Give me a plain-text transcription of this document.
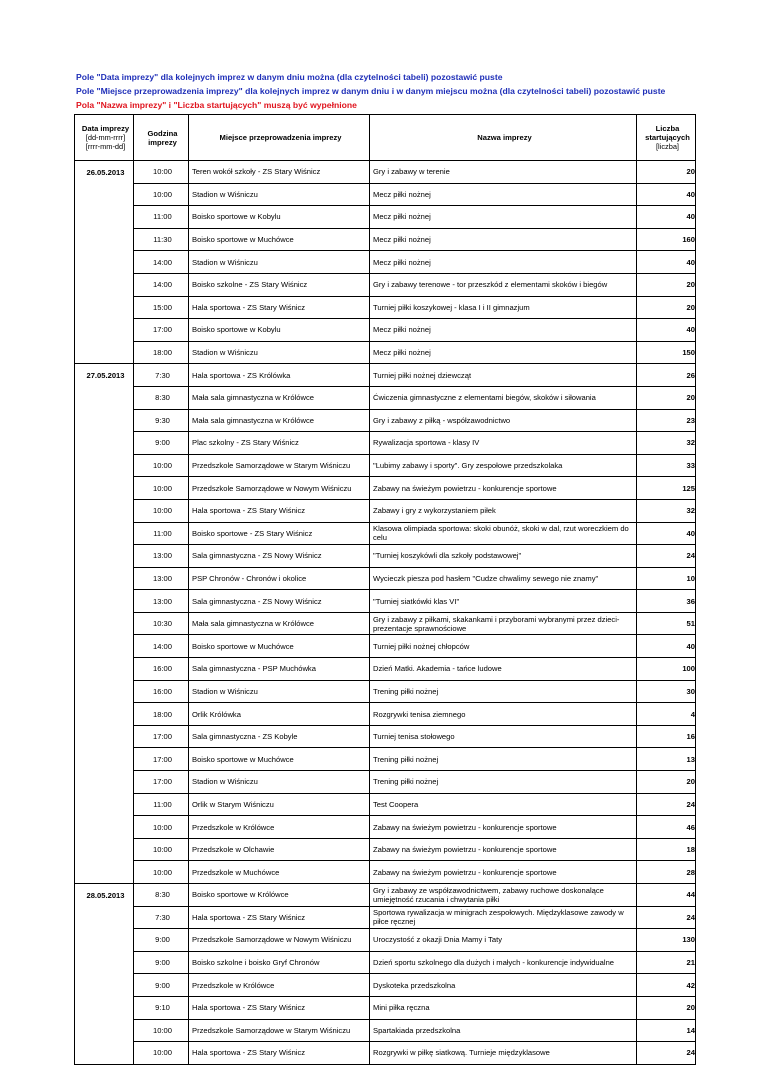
Pole "Data imprezy" dla kolejnych imprez w danym dniu można (dla czytelności tabeli) pozostawić puste
Pole "Miejsce przeprowadzenia imprezy" dla kolejnych imprez w danym dniu i w danym miejscu można (dla czytelności tabeli) pozostawić puste
Pola "Nazwa imprezy" i "Liczba startujących" muszą być wypełnione
Data imprezy
[dd-mm-rrrr] [rrrr-mm-dd]	Godzina imprezy	Miejsce przeprowadzenia imprezy	Nazwa imprezy	Liczba startujących
[liczba]

26.05.2013	10:00	Teren wokół szkoły - ZS Stary Wiśnicz	Gry i zabawy w terenie	20
	10:00	Stadion w Wiśniczu	Mecz piłki nożnej	40
	11:00	Boisko sportowe w Kobylu	Mecz piłki nożnej	40
	11:30	Boisko sportowe w Muchówce	Mecz piłki nożnej	160
	14:00	Stadion w Wiśniczu	Mecz piłki nożnej	40
	14:00	Boisko szkolne - ZS Stary Wiśnicz	Gry i zabawy terenowe - tor przeszkód z elementami skoków i biegów	20
	15:00	Hala sportowa - ZS Stary Wiśnicz	Turniej piłki koszykowej - klasa I i II gimnazjum	20
	17:00	Boisko sportowe w Kobylu	Mecz piłki nożnej	40
	18:00	Stadion w Wiśniczu	Mecz piłki nożnej	150
27.05.2013	7:30	Hala sportowa - ZS Królówka	Turniej piłki nożnej dziewcząt	26
	8:30	Mała sala gimnastyczna w Królówce	Ćwiczenia gimnastyczne z elementami biegów, skoków i siłowania	20
	9:30	Mała sala gimnastyczna w Królówce	Gry i zabawy z piłką - współzawodnictwo	23
	9:00	Plac szkolny - ZS Stary Wiśnicz	Rywalizacja sportowa - klasy IV	32
	10:00	Przedszkole Samorządowe w Starym Wiśniczu	"Lubimy zabawy i sporty". Gry zespołowe przedszkolaka	33
	10:00	Przedszkole Samorządowe w Nowym Wiśniczu	Zabawy na świeżym powietrzu - konkurencje sportowe	125
	10:00	Hala sportowa - ZS Stary Wiśnicz	Zabawy i gry z wykorzystaniem piłek	32
	11:00	Boisko sportowe - ZS Stary Wiśnicz	Klasowa olimpiada sportowa: skoki obunóż, skoki w dal, rzut woreczkiem do celu	40
	13:00	Sala gimnastyczna - ZS Nowy Wiśnicz	"Turniej koszykówli dla szkoły podstawowej"	24
	13:00	PSP Chronów - Chronów i okolice	Wycieczk piesza pod hasłem "Cudze chwalimy sewego nie znamy"	10
	13:00	Sala gimnastyczna - ZS Nowy Wiśnicz	"Turniej siatkówki klas VI"	36
	10:30	Mała sala gimnastyczna w Królówce	Gry i zabawy z piłkami, skakankami i przyborami wybranymi przez dzieci-prezentacje sprawnościowe	51
	14:00	Boisko sportowe w Muchówce	Turniej piłki nożnej chłopców	40
	16:00	Sala gimnastyczna - PSP Muchówka	Dzień Matki. Akademia - tańce ludowe	100
	16:00	Stadion w Wiśniczu	Trening piłki nożnej	30
	18:00	Orlik Królówka	Rozgrywki tenisa ziemnego	4
	17:00	Sala gimnastyczna - ZS Kobyle	Turniej tenisa stołowego	16
	17:00	Boisko sportowe w Muchówce	Trening piłki nożnej	13
	17:00	Stadion w Wiśniczu	Trening piłki nożnej	20
	11:00	Orlik w Starym Wiśniczu	Test Coopera	24
	10:00	Przedszkole w Królówce	Zabawy na świeżym powietrzu - konkurencje sportowe	46
	10:00	Przedszkole w Olchawie	Zabawy na świeżym powietrzu - konkurencje sportowe	18
	10:00	Przedszkole w Muchówce	Zabawy na świeżym powietrzu - konkurencje sportowe	28
28.05.2013	8:30	Boisko sportowe w Królówce	Gry i zabawy ze współzawodnictwem, zabawy ruchowe doskonalące umiejętność rzucania i chwytania piłki	44
	7:30	Hala sportowa - ZS Stary Wiśnicz	Sportowa rywalizacja w minigrach zespołowych. Międzyklasowe zawody w piłce ręcznej	24
	9:00	Przedszkole Samorządowe w Nowym Wiśniczu	Uroczystość z okazji Dnia Mamy i Taty	130
	9:00	Boisko szkolne i boisko Gryf Chronów	Dzień sportu szkolnego dla dużych i małych - konkurencje indywidualne	21
	9:00	Przedszkole w Królówce	Dyskoteka przedszkolna	42
	9:10	Hala sportowa - ZS Stary Wiśnicz	Mini piłka ręczna	20
	10:00	Przedszkole Samorządowe w Starym Wiśniczu	Spartakiada przedszkolna	14
	10:00	Hala sportowa - ZS Stary Wiśnicz	Rozgrywki w piłkę siatkową. Turnieje międzyklasowe	24
